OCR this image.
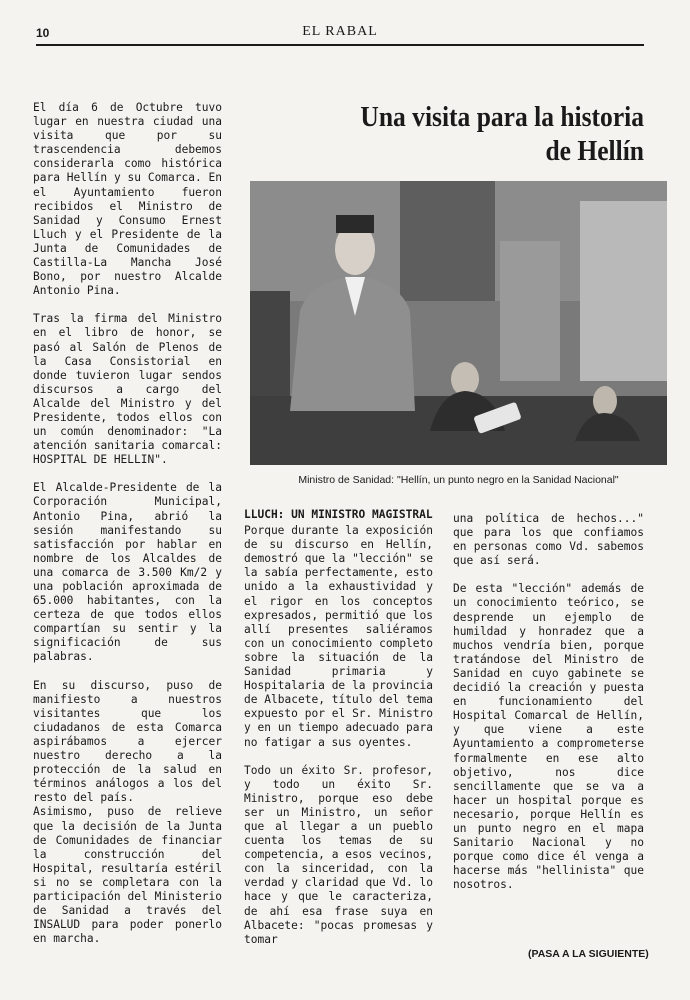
10	EL RABAL

El día 6 de Octubre tuvo lugar en nuestra ciudad una visita que por su trascendencia debemos considerarla como histórica para Hellín y su Comarca. En el Ayuntamiento fueron recibidos el Ministro de Sanidad y Consumo Ernest Lluch y el Presidente de la Junta de Comunidades de Castilla-La Mancha José Bono, por nuestro Alcalde Antonio Pina.

Tras la firma del Ministro en el libro de honor, se pasó al Salón de Plenos de la Casa Consistorial en donde tuvieron lugar sendos discursos a cargo del Alcalde del Ministro y del Presidente, todos ellos con un común denominador: "La atención sanitaria comarcal: HOSPITAL DE HELLIN".

El Alcalde-Presidente de la Corporación Municipal, Antonio Pina, abrió la sesión manifestando su satisfacción por hablar en nombre de los Alcaldes de una comarca de 3.500 Km/2 y una población aproximada de 65.000 habitantes, con la certeza de que todos ellos compartían su sentir y la significación de sus palabras.

En su discurso, puso de manifiesto a nuestros visitantes que los ciudadanos de esta Comarca aspirábamos a ejercer nuestro derecho a la protección de la salud en términos análogos a los del resto del país.

Asimismo, puso de relieve que la decisión de la Junta de Comunidades de financiar la construcción del Hospital, resultaría estéril si no se completara con la participación del Ministerio de Sanidad a través del INSALUD para poder ponerlo en marcha.

Una visita para la historia
de Hellín
Ministro de Sanidad: "Hellín, un punto negro en la Sanidad Nacional"

LLUCH: UN MINISTRO MAGISTRAL

Porque durante la exposición de su discurso en Hellín, demostró que la "lección" se la sabía perfectamente, esto unido a la exhaustividad y el rigor en los conceptos expresados, permitió que los allí presentes saliéramos con un conocimiento completo sobre la situación de la Sanidad primaria y Hospitalaria de la provincia de Albacete, título del tema expuesto por el Sr. Ministro y en un tiempo adecuado para no fatigar a sus oyentes.

Todo un éxito Sr. profesor, y todo un éxito Sr. Ministro, porque eso debe ser un Ministro, un señor que al llegar a un pueblo cuenta los temas de su competencia, a esos vecinos, con la sinceridad, con la verdad y claridad que Vd. lo hace y que le caracteriza, de ahí esa frase suya en Albacete: "pocas promesas y tomar

una política de hechos..." que para los que confiamos en personas como Vd. sabemos que así será.

De esta "lección" además de un conocimiento teórico, se desprende un ejemplo de humildad y honradez que a muchos vendría bien, porque tratándose del Ministro de Sanidad en cuyo gabinete se decidió la creación y puesta en funcionamiento del Hospital Comarcal de Hellín, y que viene a este Ayuntamiento a comprometerse formalmente en ese alto objetivo, nos dice sencillamente que se va a hacer un hospital porque es necesario, porque Hellín es un punto negro en el mapa Sanitario Nacional y no porque como dice él venga a hacerse más "hellinista" que nosotros.

(PASA A LA SIGUIENTE)
